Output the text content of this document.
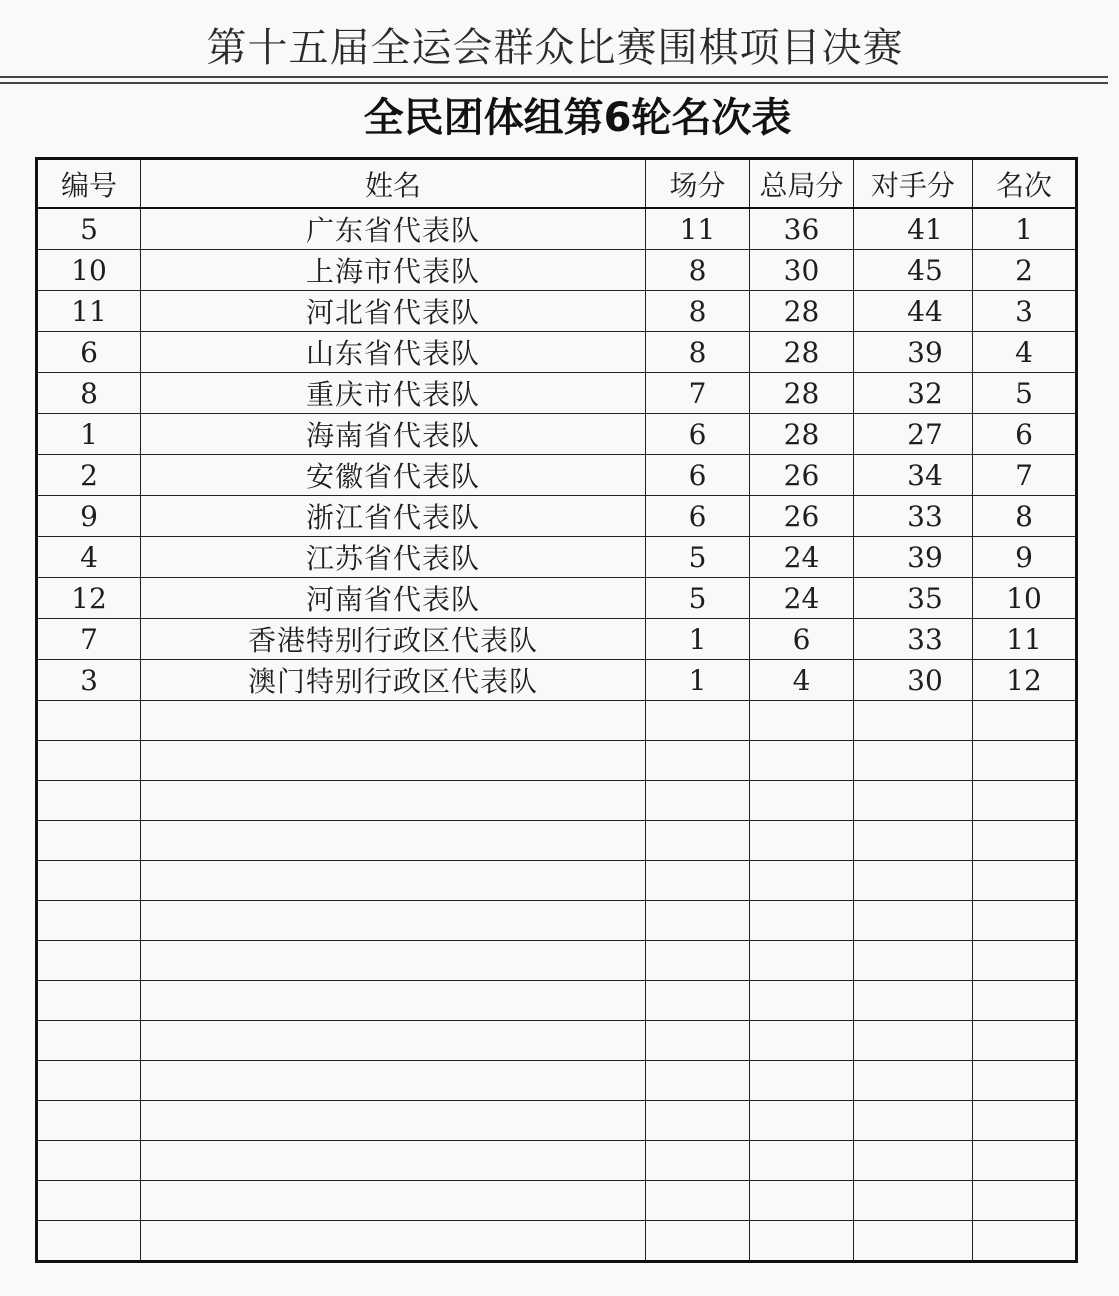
第十五届全运会群众比赛围棋项目决赛
全民团体组第6轮名次表
编号	姓名	场分	总局分	对手分	名次
5	广东省代表队	11	36	41	1
10	上海市代表队	8	30	45	2
11	河北省代表队	8	28	44	3
6	山东省代表队	8	28	39	4
8	重庆市代表队	7	28	32	5
1	海南省代表队	6	28	27	6
2	安徽省代表队	6	26	34	7
9	浙江省代表队	6	26	33	8
4	江苏省代表队	5	24	39	9
12	河南省代表队	5	24	35	10
7	香港特别行政区代表队	1	6	33	11
3	澳门特别行政区代表队	1	4	30	12
